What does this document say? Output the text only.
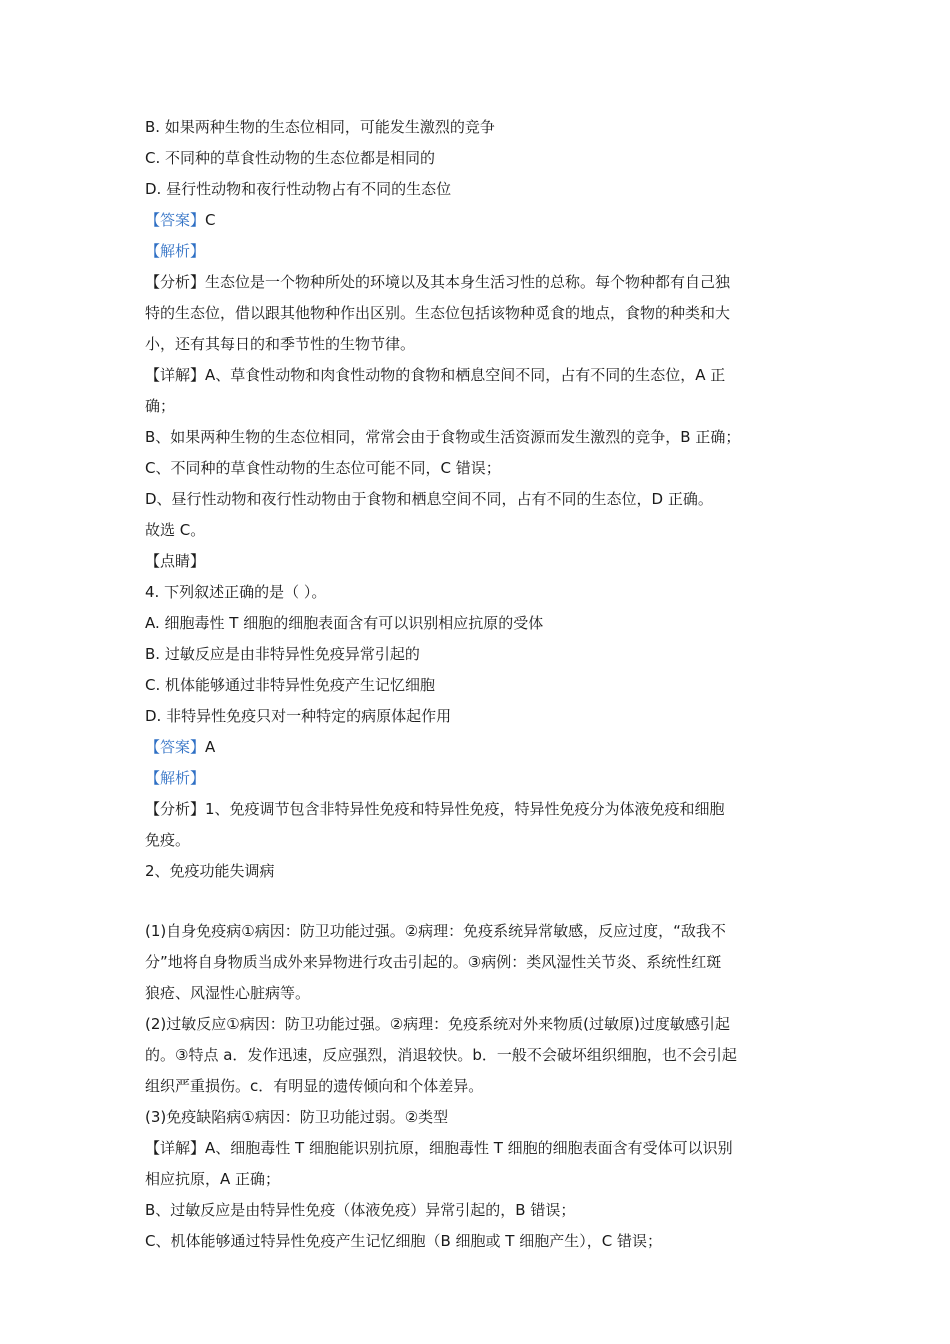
B. 如果两种生物的生态位相同，可能发生激烈的竞争
C. 不同种的草食性动物的生态位都是相同的
D. 昼行性动物和夜行性动物占有不同的生态位
【答案】C
【解析】
【分析】生态位是一个物种所处的环境以及其本身生活习性的总称。每个物种都有自己独
特的生态位，借以跟其他物种作出区别。生态位包括该物种觅食的地点，食物的种类和大
小，还有其每日的和季节性的生物节律。
【详解】A、草食性动物和肉食性动物的食物和栖息空间不同，占有不同的生态位，A 正
确；
B、如果两种生物的生态位相同，常常会由于食物或生活资源而发生激烈的竞争，B 正确；
C、不同种的草食性动物的生态位可能不同，C 错误；
D、昼行性动物和夜行性动物由于食物和栖息空间不同，占有不同的生态位，D 正确。
故选 C。
【点睛】
4. 下列叙述正确的是（ ）。
A. 细胞毒性 T 细胞的细胞表面含有可以识别相应抗原的受体
B. 过敏反应是由非特异性免疫异常引起的
C. 机体能够通过非特异性免疫产生记忆细胞
D. 非特异性免疫只对一种特定的病原体起作用
【答案】A
【解析】
【分析】1、免疫调节包含非特异性免疫和特异性免疫，特异性免疫分为体液免疫和细胞
免疫。
2、免疫功能失调病
(1)自身免疫病①病因：防卫功能过强。②病理：免疫系统异常敏感，反应过度，“敌我不
分”地将自身物质当成外来异物进行攻击引起的。③病例：类风湿性关节炎、系统性红斑
狼疮、风湿性心脏病等。
(2)过敏反应①病因：防卫功能过强。②病理：免疫系统对外来物质(过敏原)过度敏感引起
的。③特点 a．发作迅速，反应强烈，消退较快。b．一般不会破坏组织细胞，也不会引起
组织严重损伤。c．有明显的遗传倾向和个体差异。
(3)免疫缺陷病①病因：防卫功能过弱。②类型
【详解】A、细胞毒性 T 细胞能识别抗原，细胞毒性 T 细胞的细胞表面含有受体可以识别
相应抗原，A 正确；
B、过敏反应是由特异性免疫（体液免疫）异常引起的，B 错误；
C、机体能够通过特异性免疫产生记忆细胞（B 细胞或 T 细胞产生），C 错误；
